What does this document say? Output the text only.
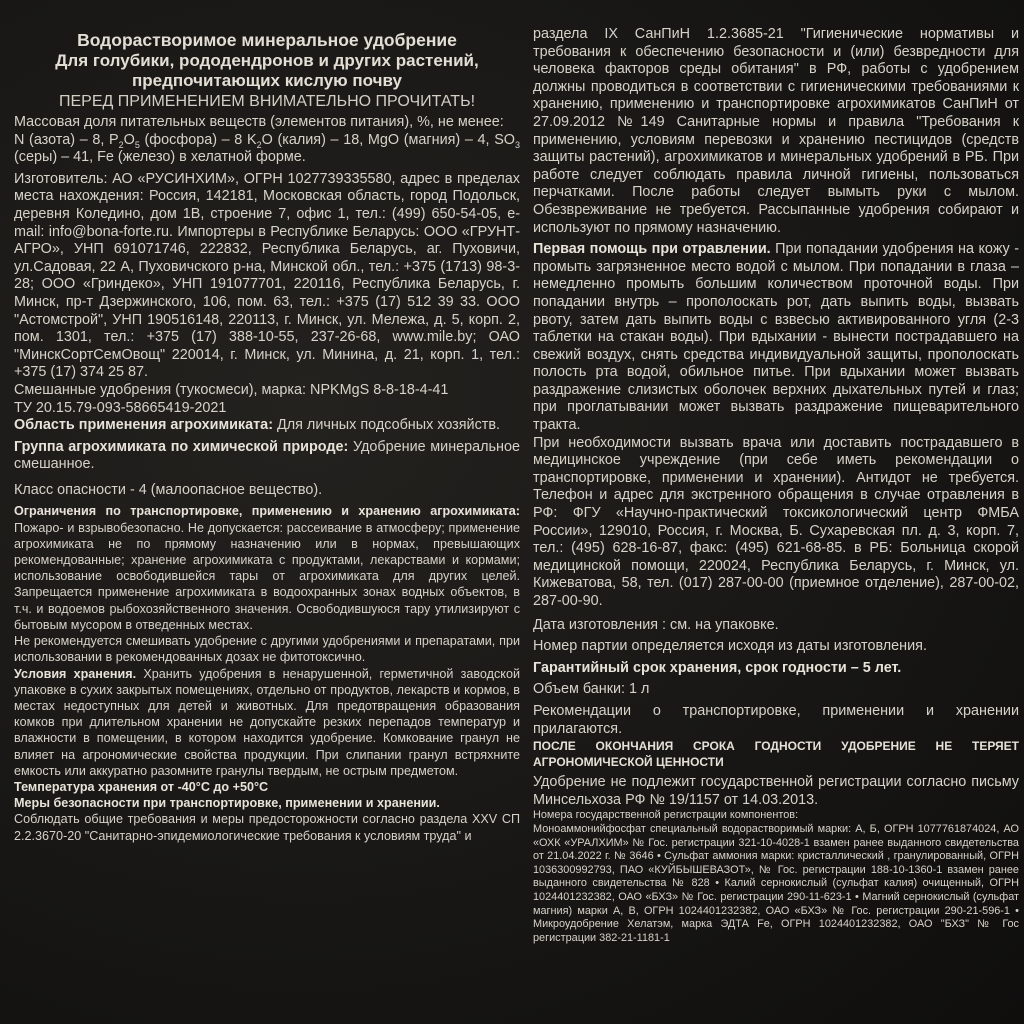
Водорастворимое минеральное удобрение
Для голубики, рододендронов и других растений,
предпочитающих кислую почву
ПЕРЕД ПРИМЕНЕНИЕМ ВНИМАТЕЛЬНО ПРОЧИТАТЬ!

Массовая доля питательных веществ (элементов питания), %, не менее:

N (азота) – 8, $P_2O_5$ (фосфора) – 8 $K_2O$ (калия) – 18, MgO (магния) – 4, $SO_3$ (серы) – 41, Fe (железо) в хелатной форме.

Изготовитель: АО «РУСИНХИМ», ОГРН 1027739335580, адрес в пределах места нахождения: Россия, 142181, Московская область, город Подольск, деревня Коледино, дом 1В, строение 7, офис 1, тел.: (499) 650-54-05, e-mail: info@bona-forte.ru. Импортеры в Республике Беларусь: ООО «ГРУНТ-АГРО», УНП 691071746, 222832, Республика Беларусь, аг. Пуховичи, ул.Садовая, 22 А, Пуховичского р-на, Минской обл., тел.: +375 (1713) 98-3-28; ООО «Гриндеко», УНП 191077701, 220116, Республика Беларусь, г. Минск, пр-т Дзержинского, 106, пом. 63, тел.: +375 (17) 512 39 33. ООО "Астомстрой", УНП 190516148, 220113, г. Минск, ул. Мележа, д. 5, корп. 2, пом. 1301, тел.: +375 (17) 388-10-55, 237-26-68, www.mile.by; ОАО "МинскСортСемОвощ" 220014, г. Минск, ул. Минина, д. 21, корп. 1, тел.: +375 (17) 374 25 87.

Смешанные удобрения (тукосмеси), марка: NPKMgS 8-8-18-4-41

ТУ 20.15.79-093-58665419-2021

Область применения агрохимиката: Для личных подсобных хозяйств.

Группа агрохимиката по химической природе: Удобрение минеральное смешанное.

Класс опасности - 4 (малоопасное вещество).

Ограничения по транспортировке, применению и хранению агрохимиката: Пожаро- и взрывобезопасно. Не допускается: рассеивание в атмосферу; применение агрохимиката не по прямому назначению или в нормах, превышающих рекомендованные; хранение агрохимиката с продуктами, лекарствами и кормами; использование освободившейся тары от агрохимиката для других целей. Запрещается применение агрохимиката в водоохранных зонах водных объектов, в т.ч. и водоемов рыбохозяйственного значения. Освободившуюся тару утилизируют с бытовым мусором в отведенных местах.

Не рекомендуется смешивать удобрение с другими удобрениями и препаратами, при использовании в рекомендованных дозах не фитотоксично.

Условия хранения. Хранить удобрения в ненарушенной, герметичной заводской упаковке в сухих закрытых помещениях, отдельно от продуктов, лекарств и кормов, в местах недоступных для детей и животных. Для предотвращения образования комков при длительном хранении не допускайте резких перепадов температур и влажности в помещении, в котором находится удобрение. Комкование гранул не влияет на агрономические свойства продукции. При слипании гранул встряхните емкость или аккуратно разомните гранулы твердым, не острым предметом.

Температура хранения от -40°С до +50°С

Меры безопасности при транспортировке, применении и хранении.

Соблюдать общие требования и меры предосторожности согласно раздела XXV СП 2.2.3670-20 "Санитарно-эпидемиологические требования к условиям труда" и

раздела IX СанПиН 1.2.3685-21 "Гигиенические нормативы и требования к обеспечению безопасности и (или) безвредности для человека факторов среды обитания" в РФ, работы с удобрением должны проводиться в соответствии с гигиеническими требованиями к хранению, применению и транспортировке агрохимикатов СанПиН от 27.09.2012 №149 Санитарные нормы и правила "Требования к применению, условиям перевозки и хранению пестицидов (средств защиты растений), агрохимикатов и минеральных удобрений в РБ. При работе следует соблюдать правила личной гигиены, пользоваться перчатками. После работы следует вымыть руки с мылом. Обезвреживание не требуется. Рассыпанные удобрения собирают и используют по прямому назначению.

Первая помощь при отравлении. При попадании удобрения на кожу - промыть загрязненное место водой с мылом. При попадании в глаза – немедленно промыть большим количеством проточной воды. При попадании внутрь – прополоскать рот, дать выпить воды, вызвать рвоту, затем дать выпить воды с взвесью активированного угля (2-3 таблетки на стакан воды). При вдыхании - вынести пострадавшего на свежий воздух, снять средства индивидуальной защиты, прополоскать полость рта водой, обильное питье. При вдыхании может вызвать раздражение слизистых оболочек верхних дыхательных путей и глаз; при проглатывании может вызвать раздражение пищеварительного тракта.

При необходимости вызвать врача или доставить пострадавшего в медицинское учреждение (при себе иметь рекомендации о транспортировке, применении и хранении). Антидот не требуется. Телефон и адрес для экстренного обращения в случае отравления в РФ: ФГУ «Научно-практический токсикологический центр ФМБА России», 129010, Россия, г. Москва, Б. Сухаревская пл. д. 3, корп. 7, тел.: (495) 628-16-87, факс: (495) 621-68-85. в РБ: Больница скорой медицинской помощи, 220024, Республика Беларусь, г. Минск, ул. Кижеватова, 58, тел. (017) 287-00-00 (приемное отделение), 287-00-02, 287-00-90.

Дата изготовления : см. на упаковке.

Номер партии определяется исходя из даты изготовления.

Гарантийный срок хранения, срок годности – 5 лет.

Объем банки: 1 л

Рекомендации о транспортировке, применении и хранении прилагаются.

ПОСЛЕ ОКОНЧАНИЯ СРОКА ГОДНОСТИ УДОБРЕНИЕ НЕ ТЕРЯЕТ АГРОНОМИЧЕСКОЙ ЦЕННОСТИ

Удобрение не подлежит государственной регистрации согласно письму Минсельхоза РФ № 19/1157 от 14.03.2013.

Номера государственной регистрации компонентов:

Моноаммонийфосфат специальный водорастворимый марки: А, Б, ОГРН 1077761874024, АО «ОХК «УРАЛХИМ» № Гос. регистрации 321-10-4028-1 взамен ранее выданного свидетельства от 21.04.2022 г. № 3646 • Сульфат аммония марки: кристаллический , гранулированный, ОГРН 1036300992793, ПАО «КУЙБЫШЕВАЗОТ», № Гос. регистрации 188-10-1360-1 взамен ранее выданного свидетельства № 828 • Калий сернокислый (сульфат калия) очищенный, ОГРН 1024401232382, ОАО «БХЗ» № Гос. регистрации 290-11-623-1 • Магний сернокислый (сульфат магния) марки А, В, ОГРН 1024401232382, ОАО «БХЗ» № Гос. регистрации 290-21-596-1 • Микроудобрение Хелатэм, марка ЭДТА Fe, ОГРН 1024401232382, ОАО "БХЗ" № Гос регистрации 382-21-1181-1
